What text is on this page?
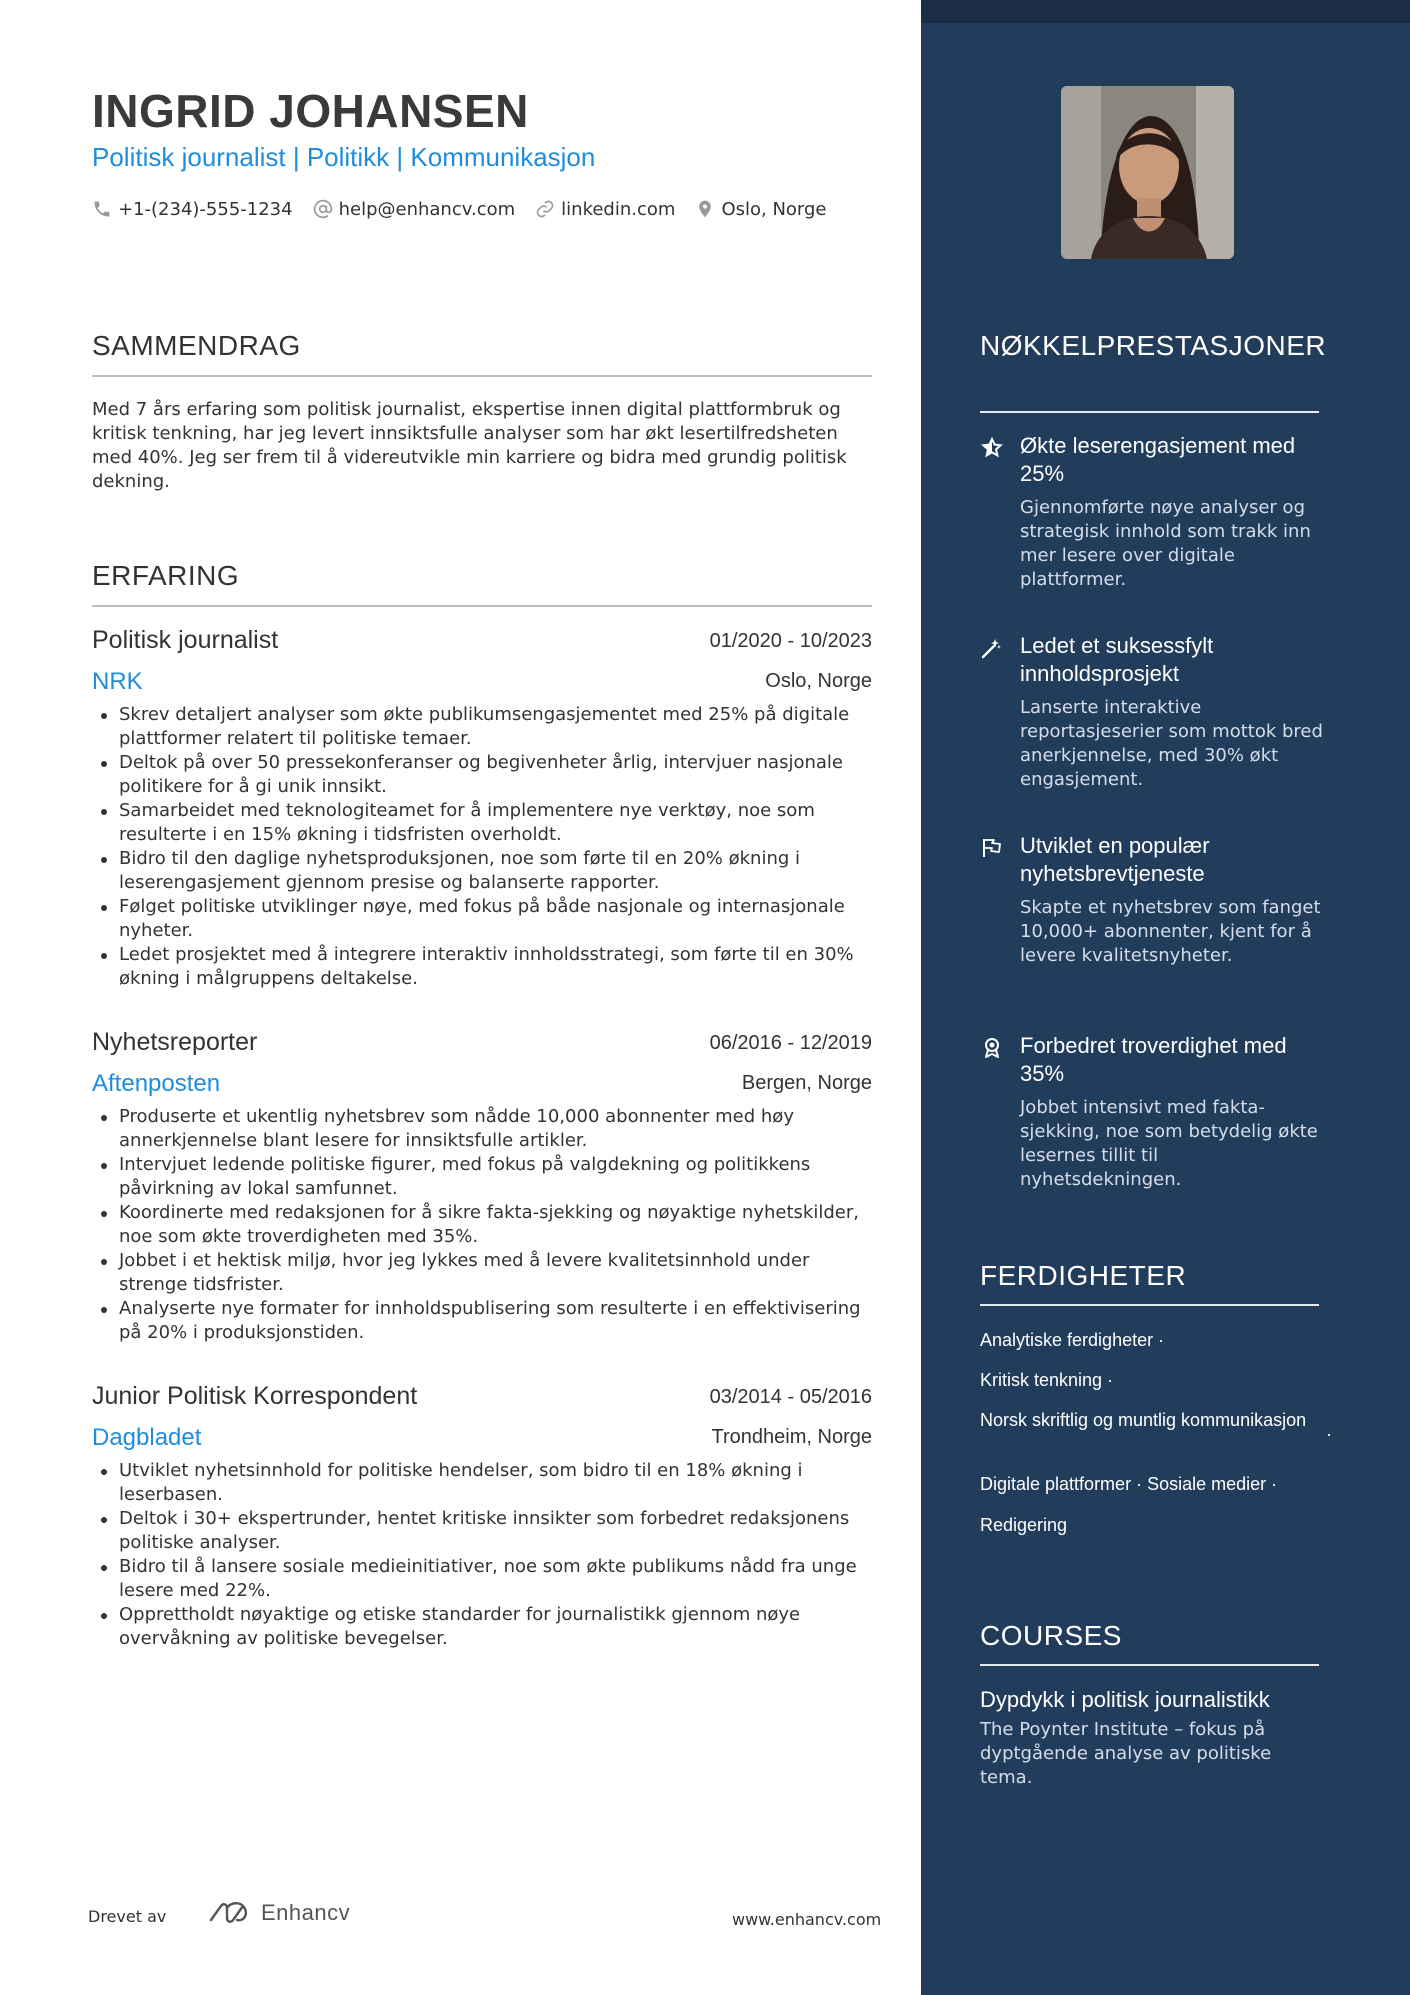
INGRID JOHANSEN
Politisk journalist | Politikk | Kommunikasjon
+1-(234)-555-1234	help@enhancv.com	linkedin.com	Oslo, Norge
SAMMENDRAG
Med 7 års erfaring som politisk journalist, ekspertise innen digital plattformbruk og kritisk tenkning, har jeg levert innsiktsfulle analyser som har økt lesertilfredsheten med 40%. Jeg ser frem til å videreutvikle min karriere og bidra med grundig politisk dekning.
ERFARING
Politisk journalist	01/2020 - 10/2023
NRK	Oslo, Norge
Skrev detaljert analyser som økte publikumsengasjementet med 25% på digitale plattformer relatert til politiske temaer.
Deltok på over 50 pressekonferanser og begivenheter årlig, intervjuer nasjonale politikere for å gi unik innsikt.
Samarbeidet med teknologiteamet for å implementere nye verktøy, noe som resulterte i en 15% økning i tidsfristen overholdt.
Bidro til den daglige nyhetsproduksjonen, noe som førte til en 20% økning i leserengasjement gjennom presise og balanserte rapporter.
Følget politiske utviklinger nøye, med fokus på både nasjonale og internasjonale nyheter.
Ledet prosjektet med å integrere interaktiv innholdsstrategi, som førte til en 30% økning i målgruppens deltakelse.
Nyhetsreporter	06/2016 - 12/2019
Aftenposten	Bergen, Norge
Produserte et ukentlig nyhetsbrev som nådde 10,000 abonnenter med høy annerkjennelse blant lesere for innsiktsfulle artikler.
Intervjuet ledende politiske figurer, med fokus på valgdekning og politikkens påvirkning av lokal samfunnet.
Koordinerte med redaksjonen for å sikre fakta-sjekking og nøyaktige nyhetskilder, noe som økte troverdigheten med 35%.
Jobbet i et hektisk miljø, hvor jeg lykkes med å levere kvalitetsinnhold under strenge tidsfrister.
Analyserte nye formater for innholdspublisering som resulterte i en effektivisering på 20% i produksjonstiden.
Junior Politisk Korrespondent	03/2014 - 05/2016
Dagbladet	Trondheim, Norge
Utviklet nyhetsinnhold for politiske hendelser, som bidro til en 18% økning i leserbasen.
Deltok i 30+ ekspertrunder, hentet kritiske innsikter som forbedret redaksjonens politiske analyser.
Bidro til å lansere sosiale medieinitiativer, noe som økte publikums nådd fra unge lesere med 22%.
Opprettholdt nøyaktige og etiske standarder for journalistikk gjennom nøye overvåkning av politiske bevegelser.
Drevet av	Enhancv	www.enhancv.com
NØKKELPRESTASJONER
Økte leserengasjement med 25%
Gjennomførte nøye analyser og strategisk innhold som trakk inn mer lesere over digitale plattformer.
Ledet et suksessfylt innholdsprosjekt
Lanserte interaktive reportasjeserier som mottok bred anerkjennelse, med 30% økt engasjement.
Utviklet en populær nyhetsbrevtjeneste
Skapte et nyhetsbrev som fanget 10,000+ abonnenter, kjent for å levere kvalitetsnyheter.
Forbedret troverdighet med 35%
Jobbet intensivt med fakta-sjekking, noe som betydelig økte lesernes tillit til nyhetsdekningen.
FERDIGHETER
Analytiske ferdigheter ·
Kritisk tenkning ·
Norsk skriftlig og muntlig kommunikasjon
·
Digitale plattformer · Sosiale medier ·
Redigering
COURSES
Dypdykk i politisk journalistikk
The Poynter Institute – fokus på dyptgående analyse av politiske tema.
